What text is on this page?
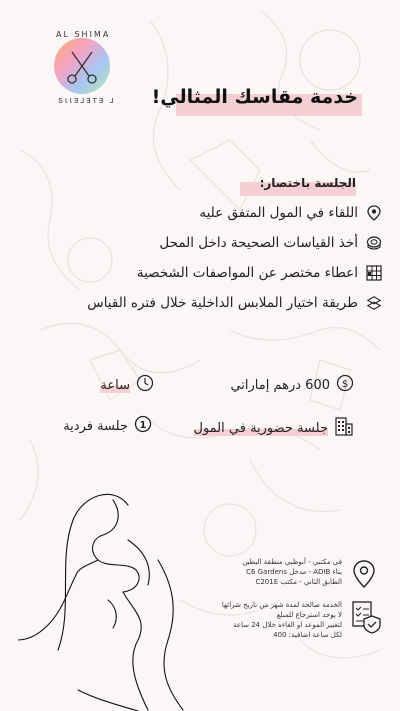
AL SHIMA
ՏƖƖƎ⅃ƎTƎ ⅃ خدمة مقاسك المثالي!
الجلسة باختصار:
اللقاء في المول المتفق عليه
أخذ القياسات الصحيحة داخل المحل
اعطاء مختصر عن المواصفات الشخصية
طريقة اختيار الملابس الداخلية خلال فتره القياس
$
600 درهم إماراتي
ساعة
جلسة حضورية في المول
1
جلسة فردية
في مكتبي - أبوظبي منطقة البطين
بناء ADIB - مدخل C6 Gardens
الطابق الثاني - مكتب C201E
الخدمة صالحة لمدة شهر من تاريخ شرائها
لا يوجد استرجاع للمبلغ
لتغيير الموعد او الغاءه خلال 24 ساعة
لكل ساعة اضافية: 400
